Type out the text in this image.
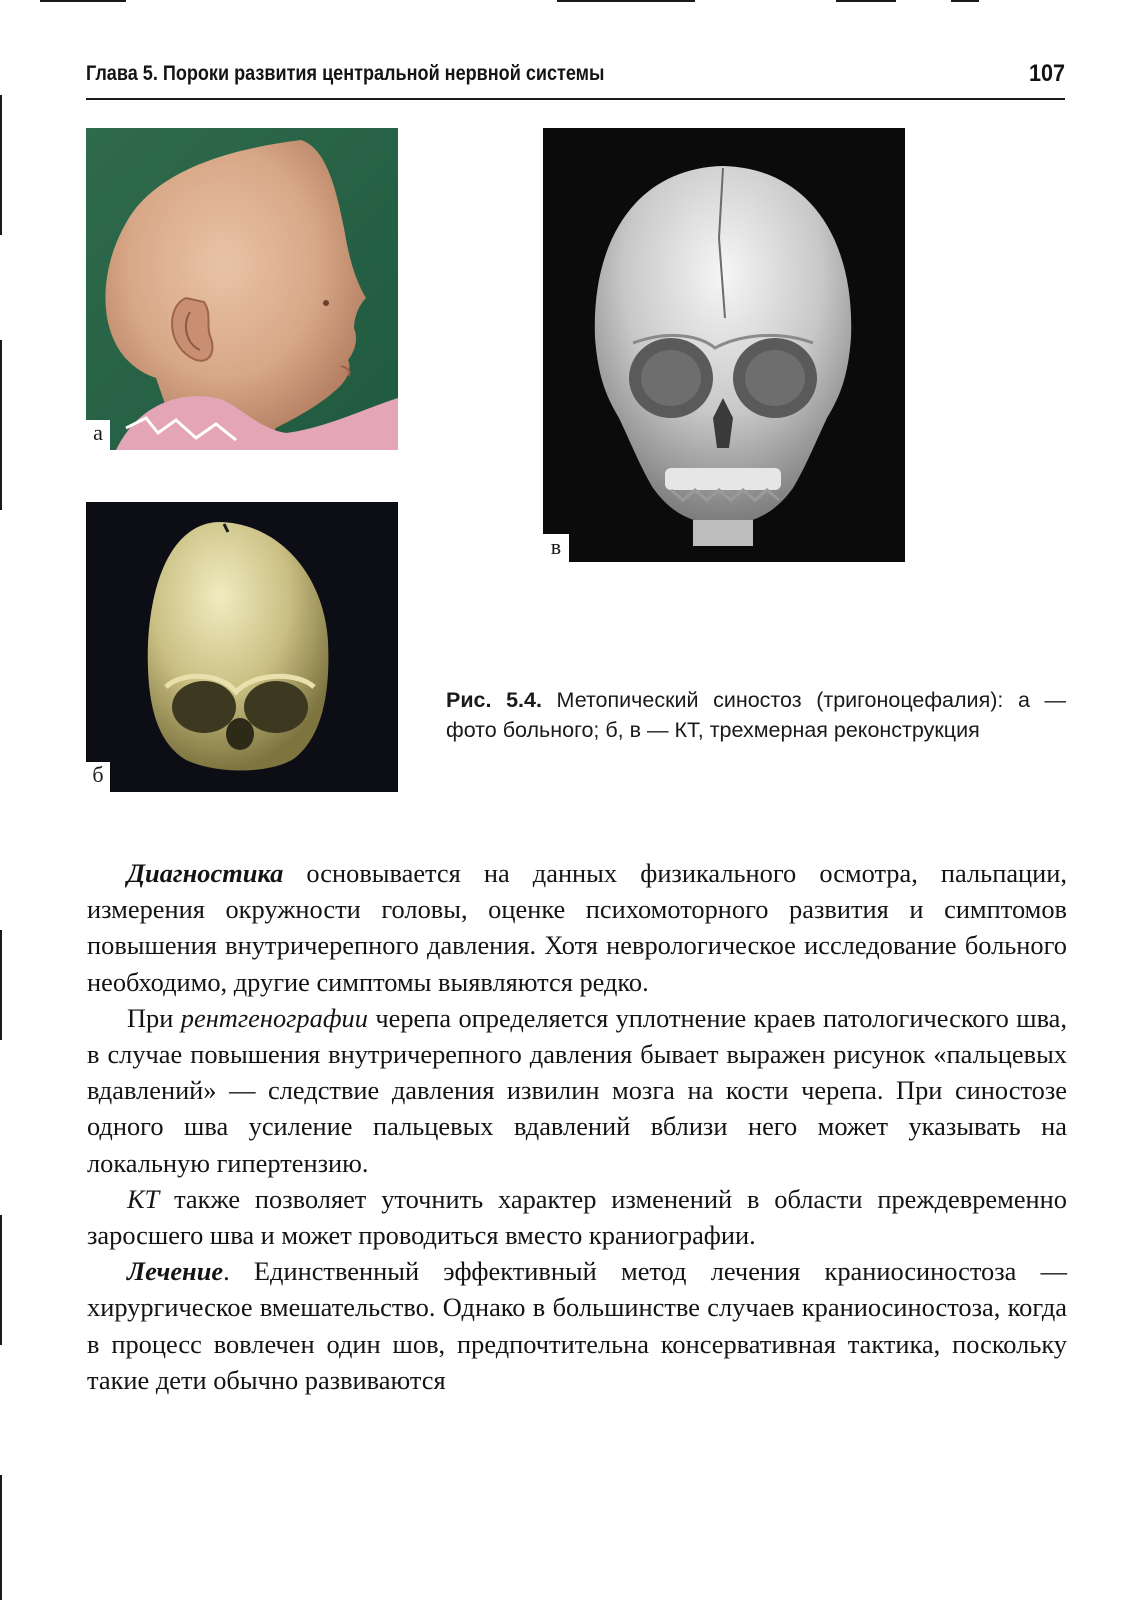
Глава 5. Пороки развития центральной нервной системы	107
а
б
в
Рис. 5.4. Метопический синостоз (тригоноцефалия): а — фото больного; б, в — КТ, трехмерная реконструкция

Диагностика основывается на данных физикального осмотра, пальпации, измерения окружности головы, оценке психомоторного развития и симптомов повышения внутричерепного давления. Хотя неврологическое исследование больного необходимо, другие симптомы выявляются редко.

При рентгенографии черепа определяется уплотнение краев патологического шва, в случае повышения внутричерепного давления бывает выражен рисунок «пальцевых вдавлений» — следствие давления извилин мозга на кости черепа. При синостозе одного шва усиление пальцевых вдавлений вблизи него может указывать на локальную гипертензию.

КТ также позволяет уточнить характер изменений в области преждевременно заросшего шва и может проводиться вместо краниографии.

Лечение. Единственный эффективный метод лечения краниосиностоза — хирургическое вмешательство. Однако в большинстве случаев краниосиностоза, когда в процесс вовлечен один шов, предпочтительна консервативная тактика, поскольку такие дети обычно развиваются
